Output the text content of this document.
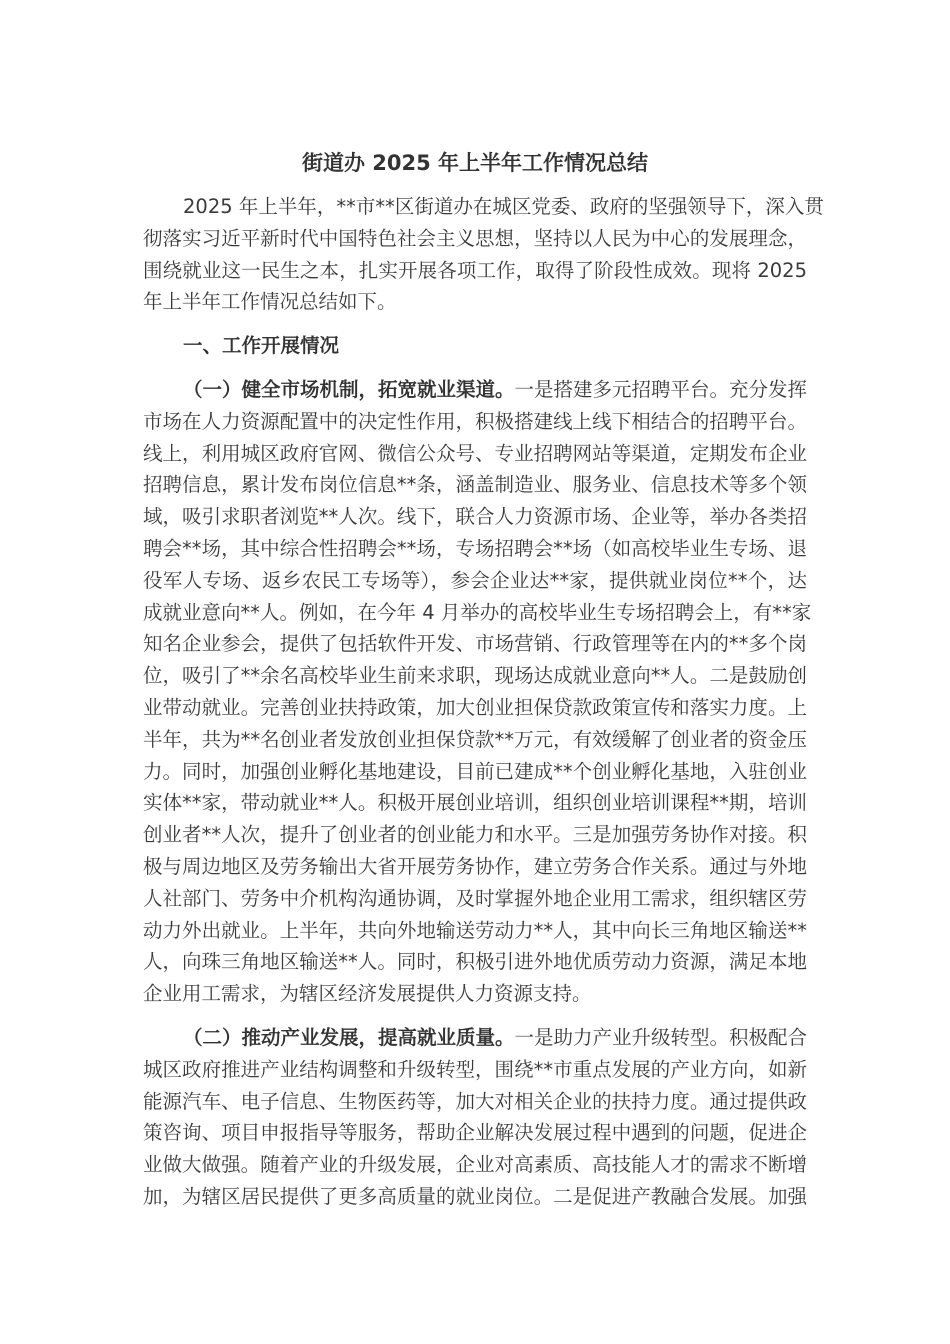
街道办 2025 年上半年工作情况总结
2025 年上半年，**市**区街道办在城区党委、政府的坚强领导下，深入贯
彻落实习近平新时代中国特色社会主义思想，坚持以人民为中心的发展理念，
围绕就业这一民生之本，扎实开展各项工作，取得了阶段性成效。现将 2025
年上半年工作情况总结如下。
一、工作开展情况
（一）健全市场机制，拓宽就业渠道。一是搭建多元招聘平台。充分发挥
市场在人力资源配置中的决定性作用，积极搭建线上线下相结合的招聘平台。
线上，利用城区政府官网、微信公众号、专业招聘网站等渠道，定期发布企业
招聘信息，累计发布岗位信息**条，涵盖制造业、服务业、信息技术等多个领
域，吸引求职者浏览**人次。线下，联合人力资源市场、企业等，举办各类招
聘会**场，其中综合性招聘会**场，专场招聘会**场（如高校毕业生专场、退
役军人专场、返乡农民工专场等），参会企业达**家，提供就业岗位**个，达
成就业意向**人。例如，在今年 4 月举办的高校毕业生专场招聘会上，有**家
知名企业参会，提供了包括软件开发、市场营销、行政管理等在内的**多个岗
位，吸引了**余名高校毕业生前来求职，现场达成就业意向**人。二是鼓励创
业带动就业。完善创业扶持政策，加大创业担保贷款政策宣传和落实力度。上
半年，共为**名创业者发放创业担保贷款**万元，有效缓解了创业者的资金压
力。同时，加强创业孵化基地建设，目前已建成**个创业孵化基地，入驻创业
实体**家，带动就业**人。积极开展创业培训，组织创业培训课程**期，培训
创业者**人次，提升了创业者的创业能力和水平。三是加强劳务协作对接。积
极与周边地区及劳务输出大省开展劳务协作，建立劳务合作关系。通过与外地
人社部门、劳务中介机构沟通协调，及时掌握外地企业用工需求，组织辖区劳
动力外出就业。上半年，共向外地输送劳动力**人，其中向长三角地区输送**
人，向珠三角地区输送**人。同时，积极引进外地优质劳动力资源，满足本地
企业用工需求，为辖区经济发展提供人力资源支持。
（二）推动产业发展，提高就业质量。一是助力产业升级转型。积极配合
城区政府推进产业结构调整和升级转型，围绕**市重点发展的产业方向，如新
能源汽车、电子信息、生物医药等，加大对相关企业的扶持力度。通过提供政
策咨询、项目申报指导等服务，帮助企业解决发展过程中遇到的问题，促进企
业做大做强。随着产业的升级发展，企业对高素质、高技能人才的需求不断增
加，为辖区居民提供了更多高质量的就业岗位。二是促进产教融合发展。加强
